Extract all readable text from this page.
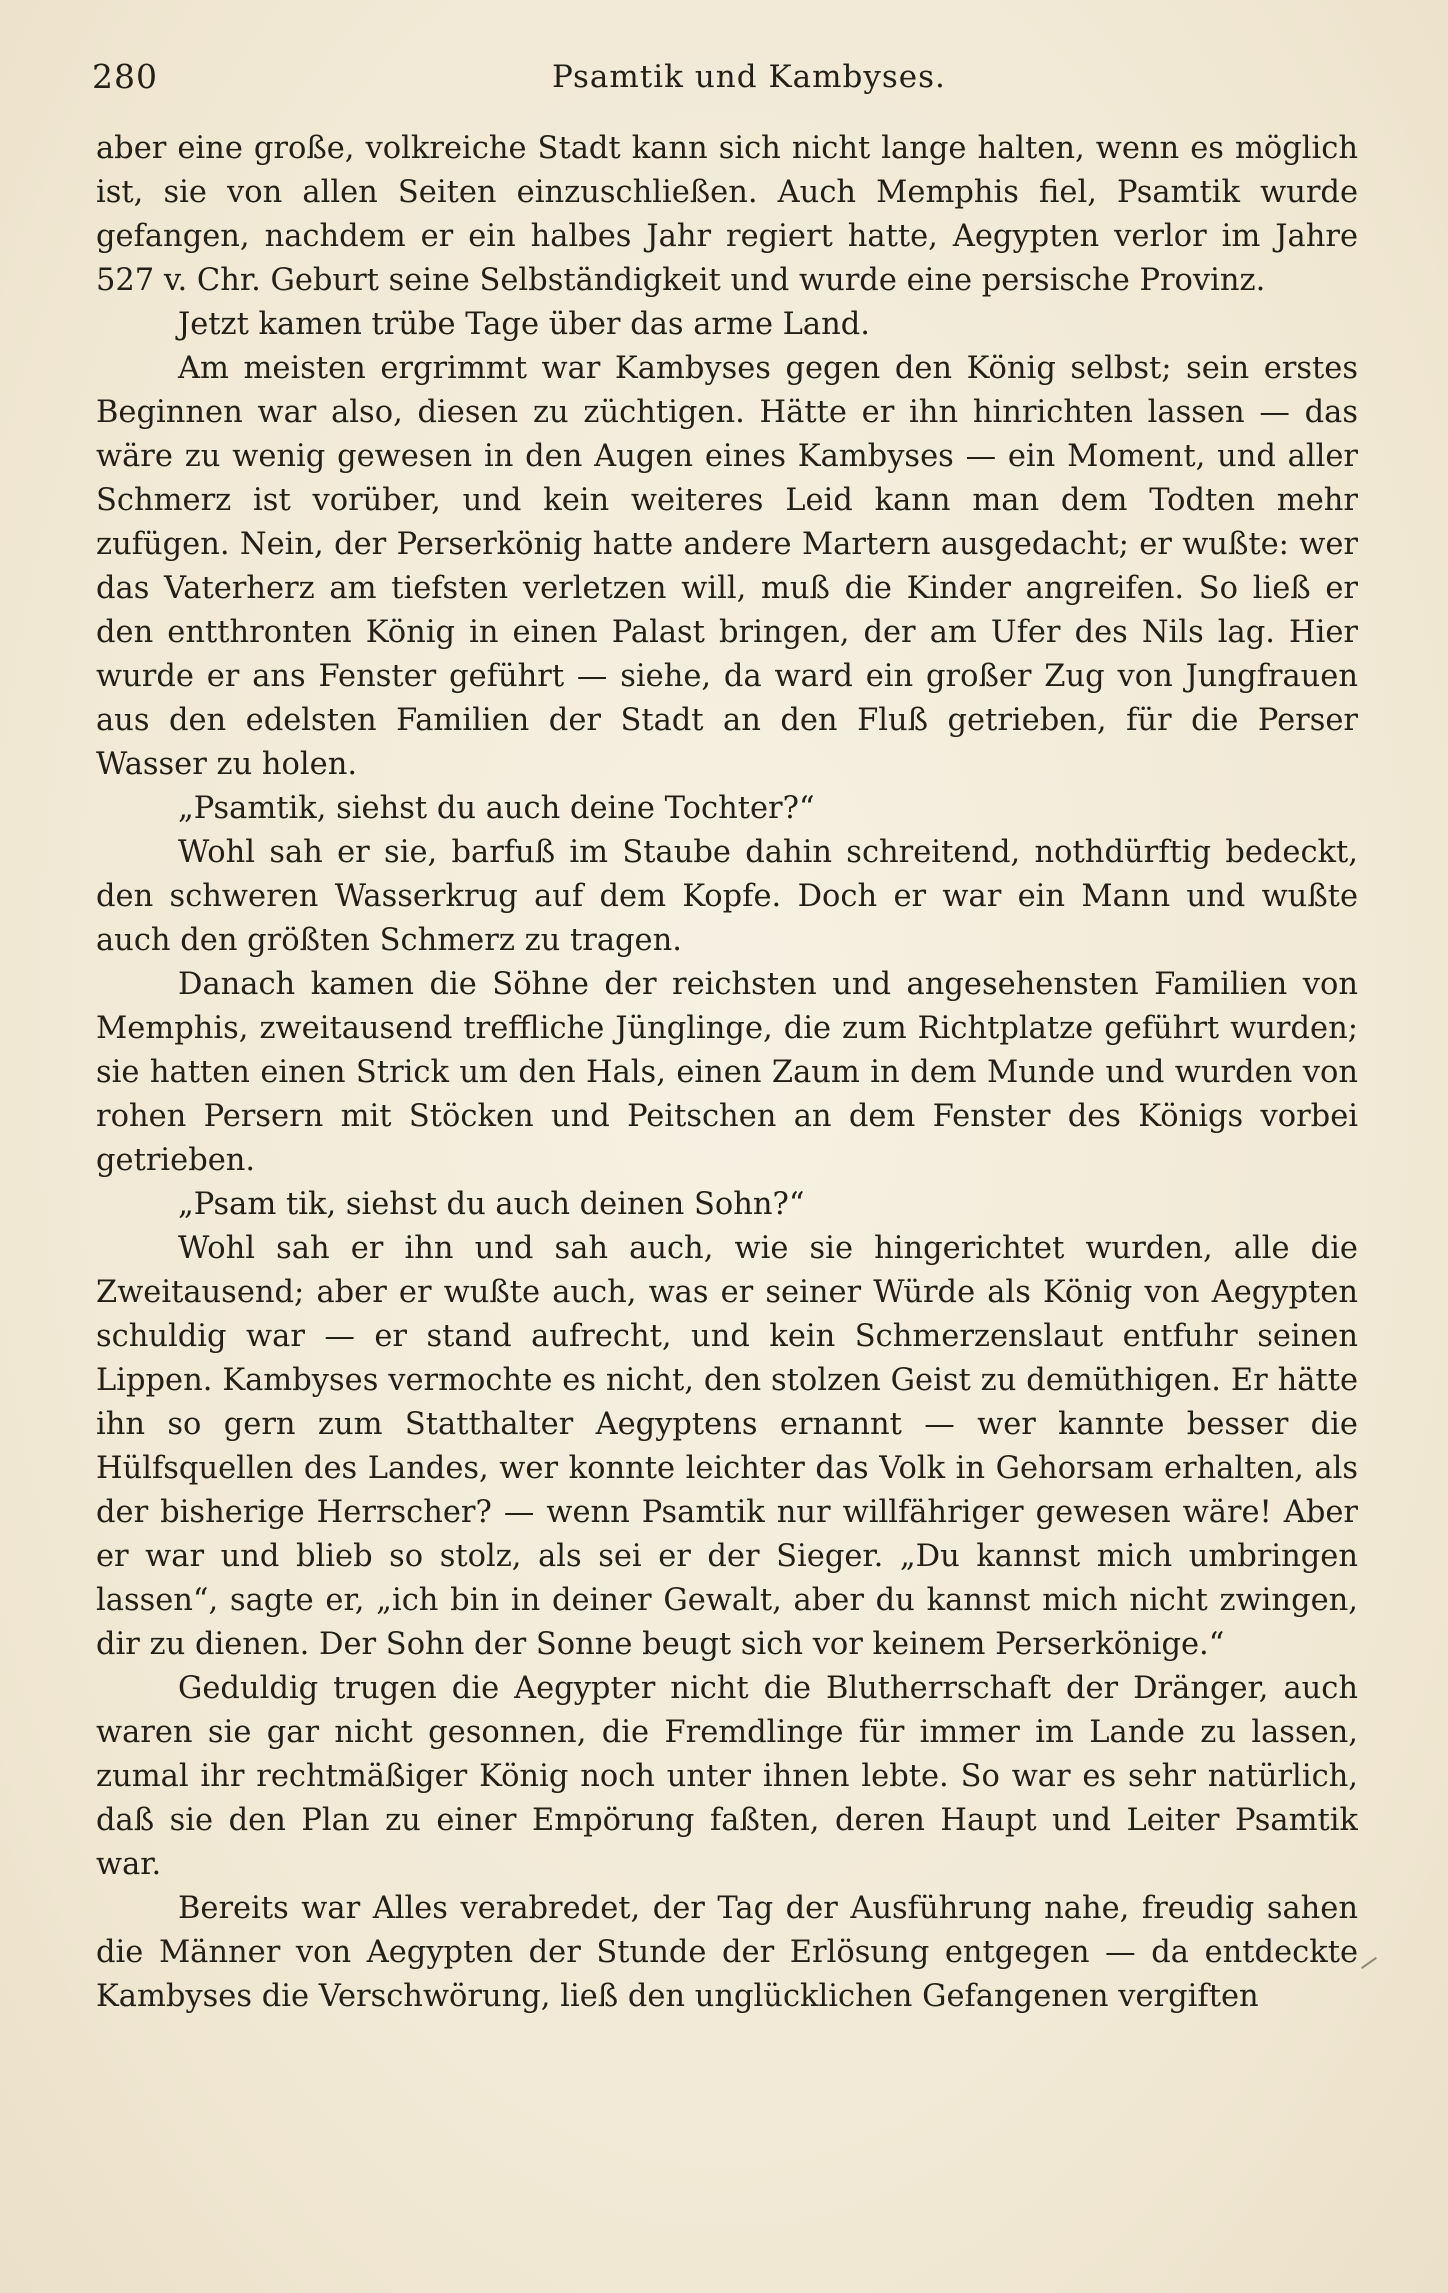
280	Psamtik und Kambyses.

aber eine große, volkreiche Stadt kann sich nicht lange halten, wenn es möglich ist, sie von allen Seiten einzuschließen. Auch Memphis fiel, Psamtik wurde gefangen, nachdem er ein halbes Jahr regiert hatte, Aegypten verlor im Jahre 527 v. Chr. Geburt seine Selbständigkeit und wurde eine persische Provinz.

Jetzt kamen trübe Tage über das arme Land.

Am meisten ergrimmt war Kambyses gegen den König selbst; sein erstes Beginnen war also, diesen zu züchtigen. Hätte er ihn hinrichten lassen — das wäre zu wenig gewesen in den Augen eines Kambyses — ein Moment, und aller Schmerz ist vorüber, und kein weiteres Leid kann man dem Todten mehr zufügen. Nein, der Perserkönig hatte andere Martern ausgedacht; er wußte: wer das Vaterherz am tiefsten verletzen will, muß die Kinder angreifen. So ließ er den entthronten König in einen Palast bringen, der am Ufer des Nils lag. Hier wurde er ans Fenster geführt — siehe, da ward ein großer Zug von Jungfrauen aus den edelsten Familien der Stadt an den Fluß getrieben, für die Perser Wasser zu holen.

„Psamtik, siehst du auch deine Tochter?“

Wohl sah er sie, barfuß im Staube dahin schreitend, nothdürftig bedeckt, den schweren Wasserkrug auf dem Kopfe. Doch er war ein Mann und wußte auch den größten Schmerz zu tragen.

Danach kamen die Söhne der reichsten und angesehensten Familien von Memphis, zweitausend treffliche Jünglinge, die zum Richtplatze geführt wurden; sie hatten einen Strick um den Hals, einen Zaum in dem Munde und wurden von rohen Persern mit Stöcken und Peitschen an dem Fenster des Königs vorbei getrieben.

„Psam tik, siehst du auch deinen Sohn?“

Wohl sah er ihn und sah auch, wie sie hingerichtet wurden, alle die Zweitausend; aber er wußte auch, was er seiner Würde als König von Aegypten schuldig war — er stand aufrecht, und kein Schmerzenslaut entfuhr seinen Lippen. Kambyses vermochte es nicht, den stolzen Geist zu demüthigen. Er hätte ihn so gern zum Statthalter Aegyptens ernannt — wer kannte besser die Hülfsquellen des Landes, wer konnte leichter das Volk in Gehorsam erhalten, als der bisherige Herrscher? — wenn Psamtik nur willfähriger gewesen wäre! Aber er war und blieb so stolz, als sei er der Sieger. „Du kannst mich umbringen lassen“, sagte er, „ich bin in deiner Gewalt, aber du kannst mich nicht zwingen, dir zu dienen. Der Sohn der Sonne beugt sich vor keinem Perserkönige.“

Geduldig trugen die Aegypter nicht die Blutherrschaft der Dränger, auch waren sie gar nicht gesonnen, die Fremdlinge für immer im Lande zu lassen, zumal ihr rechtmäßiger König noch unter ihnen lebte. So war es sehr natürlich, daß sie den Plan zu einer Empörung faßten, deren Haupt und Leiter Psamtik war.

Bereits war Alles verabredet, der Tag der Ausführung nahe, freudig sahen die Männer von Aegypten der Stunde der Erlösung entgegen — da entdeckte Kambyses die Verschwörung, ließ den unglücklichen Gefangenen vergiften
